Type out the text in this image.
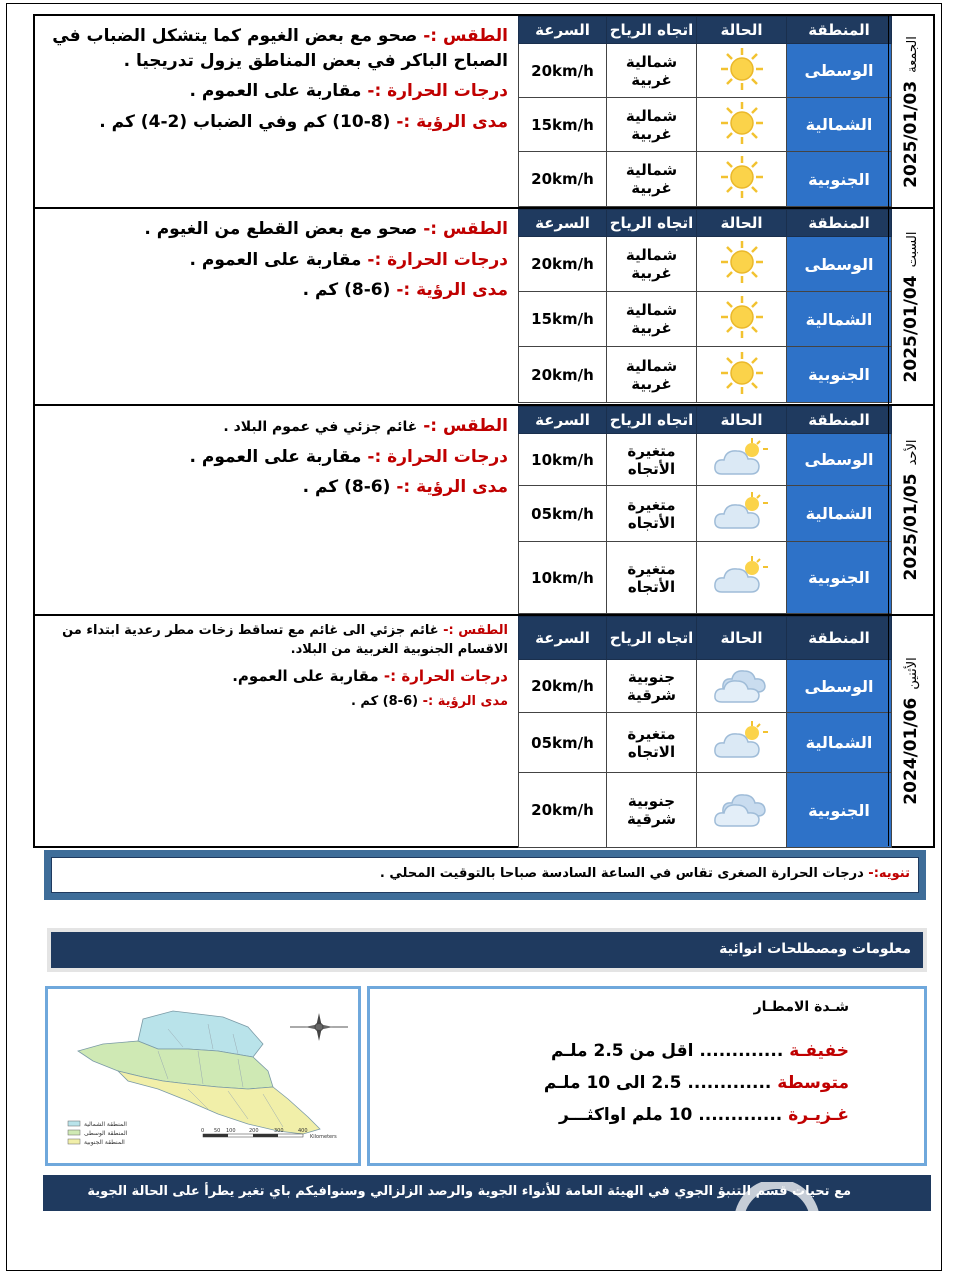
الطقس :- صحو مع بعض الغيوم كما يتشكل الضباب في الصباح الباكر في بعض المناطق يزول تدريجيا .

درجات الحرارة :- مقاربة على العموم .

مدى الرؤية :- (8-10) كم وفي الضباب (2-4) كم .

المنطقة	الحالة	اتجاه الرياح	السرعة
الوسطى		شمالية غربية	20km/h
الشمالية		شمالية غربية	15km/h
الجنوبية		شمالية غربية	20km/h	2025/01/03الجمعة

الطقس :- صحو مع بعض القطع من الغيوم .

درجات الحرارة :- مقاربة على العموم .

مدى الرؤية :- (6-8) كم .

المنطقة	الحالة	اتجاه الرياح	السرعة
الوسطى		شمالية غربية	20km/h
الشمالية		شمالية غربية	15km/h
الجنوبية		شمالية غربية	20km/h	2025/01/04السبت

الطقس :- غائم جزئي في عموم البلاد .

درجات الحرارة :- مقاربة على العموم .

مدى الرؤية :- (6-8) كم .

المنطقة	الحالة	اتجاه الرياح	السرعة
الوسطى		متغيرة الأتجاه	10km/h
الشمالية		متغيرة الأتجاه	05km/h
الجنوبية		متغيرة الأتجاه	10km/h	2025/01/05الأحد

الطقس :- غائم جزئي الى غائم مع تساقط زخات مطر رعدية ابتداء من الاقسام الجنوبية الغربية من البلاد.

درجات الحرارة :- مقاربة على العموم.

مدى الرؤية :- (6-8) كم .

المنطقة	الحالة	اتجاه الرياح	السرعة
الوسطى		جنوبية شرقية	20km/h
الشمالية		متغيرة الاتجاه	05km/h
الجنوبية		جنوبية شرقية	20km/h
2024/01/06الأثنين
تنويه:- درجات الحرارة الصغرى تقاس في الساعة السادسة صباحا بالتوقيت المحلي .
معلومات ومصطلحات انوائية
المنطقة الشمالية
المنطقة الوسطى
المنطقة الجنوبية
0 50 100	200	300	400
Kilometers
شـدة الامطـار
خفيفـة ............. اقل من 2.5 ملـم
متوسطة ............. 2.5 الى 10 ملـم
غـزيـرة ............. 10 ملم اواكثـــر
مع تحيات قسم التنبؤ الجوي في الهيئة العامة للأنواء الجوية والرصد الزلزالي وسنوافيكم باي تغير يطرأ على الحالة الجوية
IQ NEWS
